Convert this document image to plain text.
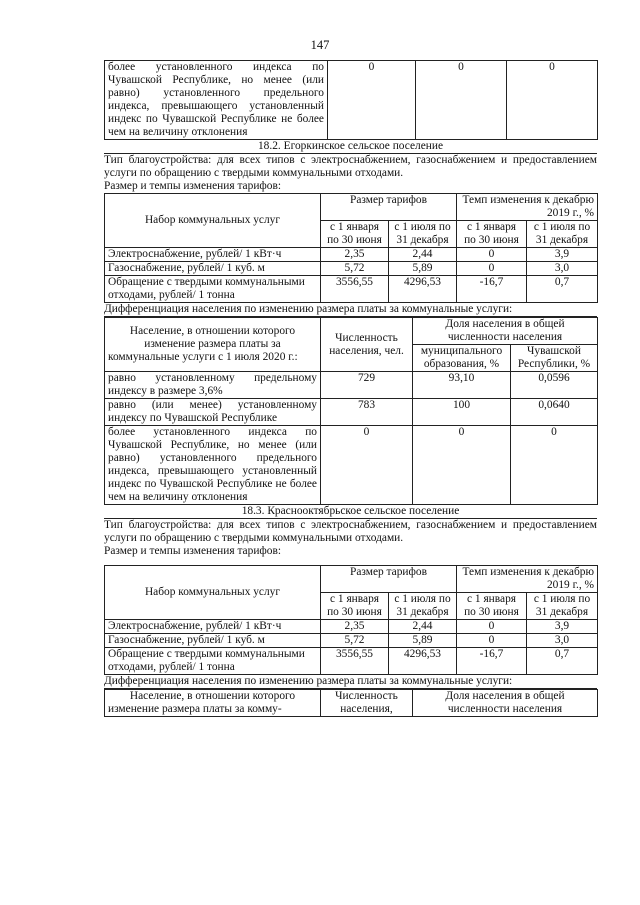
147
более установленного индекса по Чувашской Республике, но менее (или равно) установленного предельного индекса, превышающего установленный индекс по Чувашской Республике не более чем на величину отклонения	0	0	0
18.2. Егоркинское сельское поселение
Тип благоустройства: для всех типов с электроснабжением, газоснабжением и предоставлением услуги по обращению с твердыми коммунальными отходами.
Размер и темпы изменения тарифов:
Набор коммунальных услуг	Размер тарифов		Темп изменения к декабрю 2019 г., %	
	с 1 января по 30 июня	с 1 июля по 31 декабря	с 1 января по 30 июня	с 1 июля по 31 декабря
Электроснабжение, рублей/ 1 кВт·ч	2,35	2,44	0	3,9
Газоснабжение, рублей/ 1 куб. м	5,72	5,89	0	3,0
Обращение с твердыми коммунальными отходами, рублей/ 1 тонна	3556,55	4296,53	-16,7	0,7
Дифференциация населения по изменению размера платы за коммунальные услуги:
Население, в отношении которого изменение размера платы за коммунальные услуги с 1 июля 2020 г.:	Численность населения, чел.	Доля населения в общей численности населения	
		муниципального образования, %	Чувашской Республики, %
равно установленному предельному индексу в размере 3,6%	729	93,10	0,0596
равно (или менее) установленному индексу по Чувашской Республике	783	100	0,0640
более установленного индекса по Чувашской Республике, но менее (или равно) установленного предельного индекса, превышающего установленный индекс по Чувашской Республике не более чем на величину отклонения	0	0	0
18.3. Краснооктябрьское сельское поселение
Тип благоустройства: для всех типов с электроснабжением, газоснабжением и предоставлением услуги по обращению с твердыми коммунальными отходами.
Размер и темпы изменения тарифов:
Набор коммунальных услуг	Размер тарифов		Темп изменения к декабрю 2019 г., %	
	с 1 января по 30 июня	с 1 июля по 31 декабря	с 1 января по 30 июня	с 1 июля по 31 декабря
Электроснабжение, рублей/ 1 кВт·ч	2,35	2,44	0	3,9
Газоснабжение, рублей/ 1 куб. м	5,72	5,89	0	3,0
Обращение с твердыми коммунальными отходами, рублей/ 1 тонна	3556,55	4296,53	-16,7	0,7
Дифференциация населения по изменению размера платы за коммунальные услуги:
Население, в отношении которого изменение размера платы за комму-	Численность населения,	Доля населения в общей численности населения
